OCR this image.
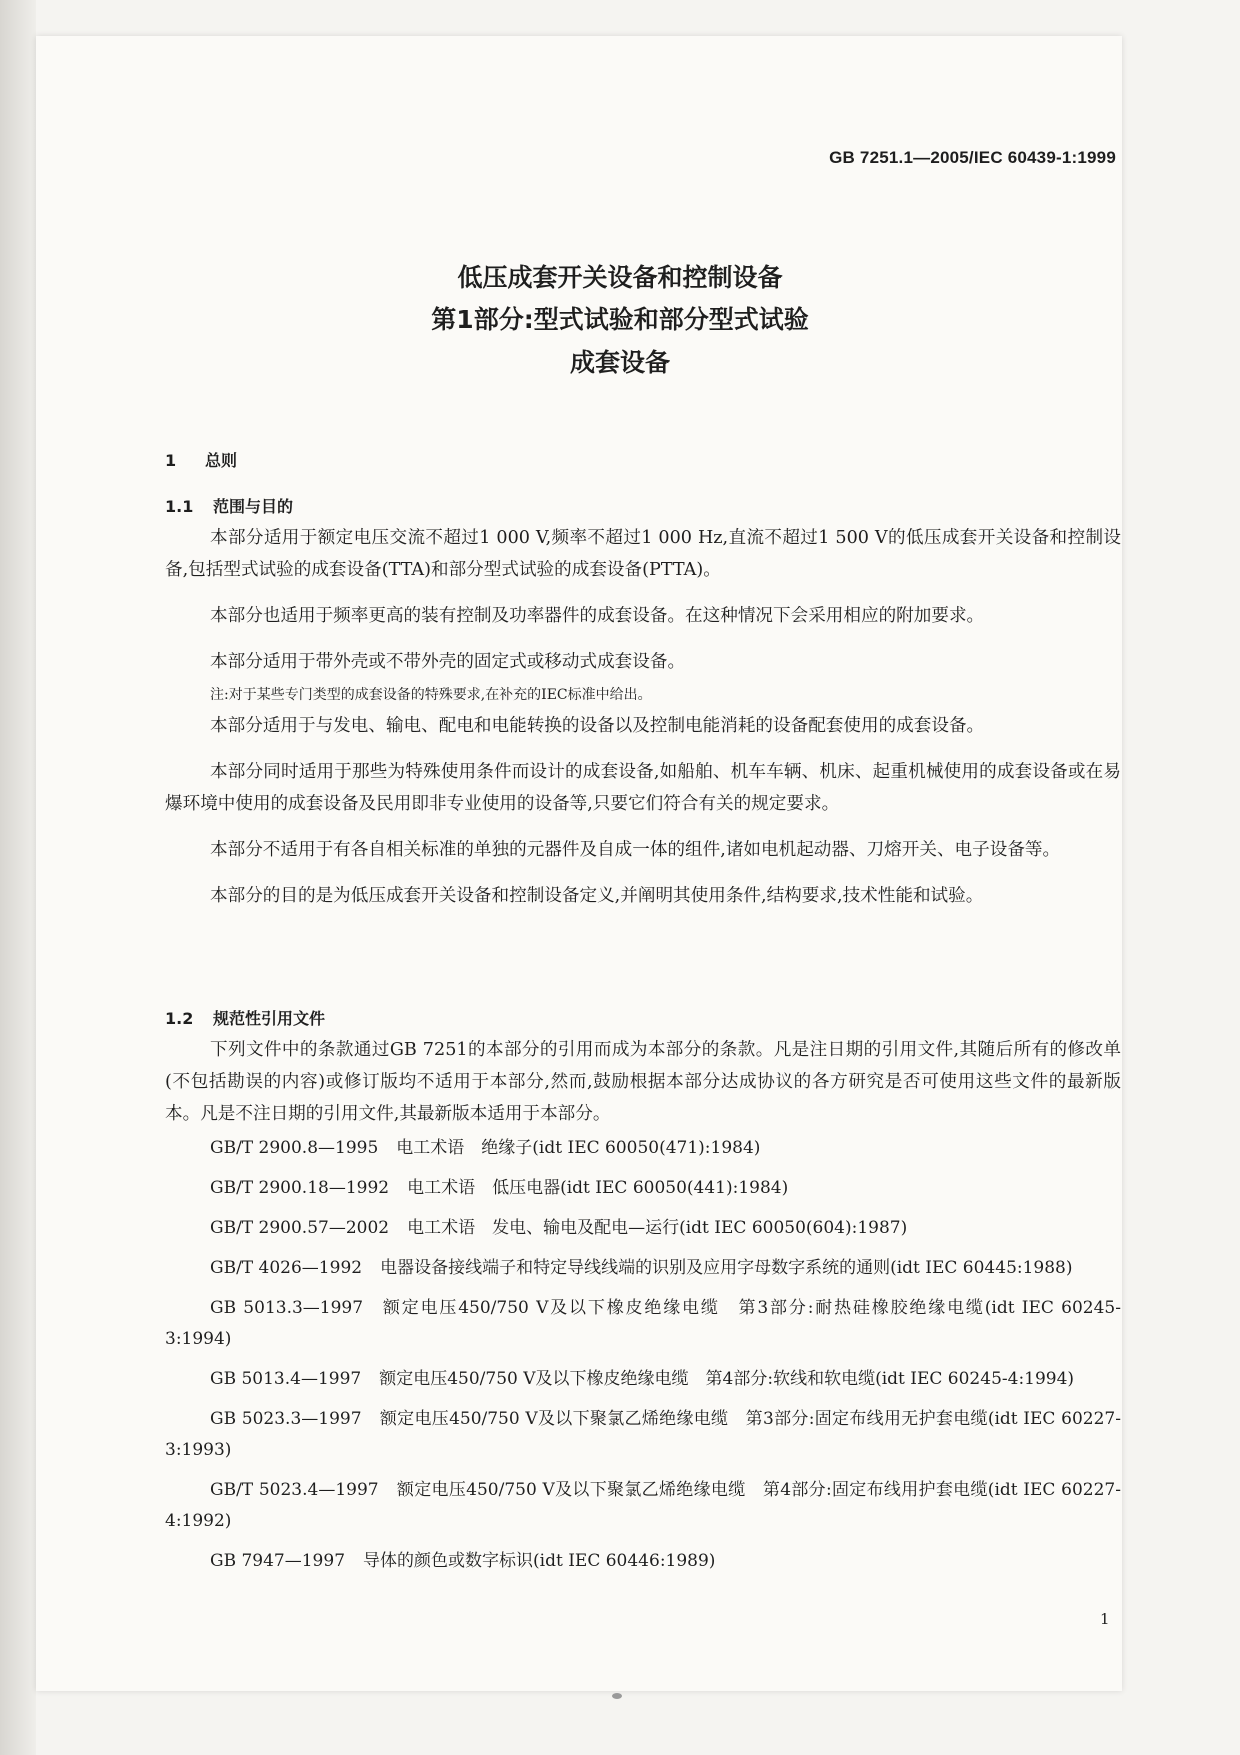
GB 7251.1—2005/IEC 60439-1:1999
低压成套开关设备和控制设备
第1部分:型式试验和部分型式试验
成套设备
1 总则
1.1 范围与目的

本部分适用于额定电压交流不超过1 000 V,频率不超过1 000 Hz,直流不超过1 500 V的低压成套开关设备和控制设备,包括型式试验的成套设备(TTA)和部分型式试验的成套设备(PTTA)。

本部分也适用于频率更高的装有控制及功率器件的成套设备。在这种情况下会采用相应的附加要求。

本部分适用于带外壳或不带外壳的固定式或移动式成套设备。

注:对于某些专门类型的成套设备的特殊要求,在补充的IEC标准中给出。

本部分适用于与发电、输电、配电和电能转换的设备以及控制电能消耗的设备配套使用的成套设备。

本部分同时适用于那些为特殊使用条件而设计的成套设备,如船舶、机车车辆、机床、起重机械使用的成套设备或在易爆环境中使用的成套设备及民用即非专业使用的设备等,只要它们符合有关的规定要求。

本部分不适用于有各自相关标准的单独的元器件及自成一体的组件,诸如电机起动器、刀熔开关、电子设备等。

本部分的目的是为低压成套开关设备和控制设备定义,并阐明其使用条件,结构要求,技术性能和试验。

1.2 规范性引用文件

下列文件中的条款通过GB 7251的本部分的引用而成为本部分的条款。凡是注日期的引用文件,其随后所有的修改单(不包括勘误的内容)或修订版均不适用于本部分,然而,鼓励根据本部分达成协议的各方研究是否可使用这些文件的最新版本。凡是不注日期的引用文件,其最新版本适用于本部分。

GB/T 2900.8—1995 电工术语　绝缘子(idt IEC 60050(471):1984)

GB/T 2900.18—1992 电工术语　低压电器(idt IEC 60050(441):1984)

GB/T 2900.57—2002 电工术语　发电、输电及配电—运行(idt IEC 60050(604):1987)

GB/T 4026—1992 电器设备接线端子和特定导线线端的识别及应用字母数字系统的通则(idt IEC 60445:1988)

GB 5013.3—1997 额定电压450/750 V及以下橡皮绝缘电缆　第3部分:耐热硅橡胶绝缘电缆(idt IEC 60245-3:1994)

GB 5013.4—1997 额定电压450/750 V及以下橡皮绝缘电缆　第4部分:软线和软电缆(idt IEC 60245-4:1994)

GB 5023.3—1997 额定电压450/750 V及以下聚氯乙烯绝缘电缆　第3部分:固定布线用无护套电缆(idt IEC 60227-3:1993)

GB/T 5023.4—1997 额定电压450/750 V及以下聚氯乙烯绝缘电缆　第4部分:固定布线用护套电缆(idt IEC 60227-4:1992)

GB 7947—1997 导体的颜色或数字标识(idt IEC 60446:1989)

1
